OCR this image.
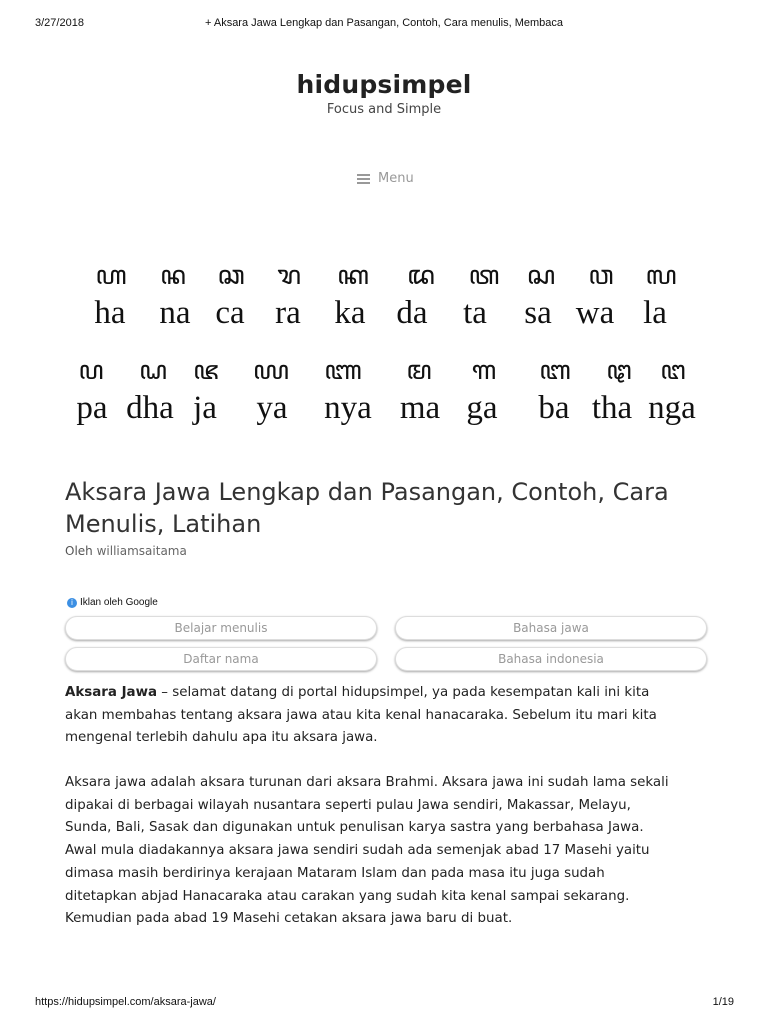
3/27/2018	+ Aksara Jawa Lengkap dan Pasangan, Contoh, Cara menulis, Membaca
hidupsimpel
Focus and Simple
Menu
ꦲ ꦤ ꦕ ꦫ ꦏ ꦢ ꦠ ꦱ ꦮ ꦭ
ha na ca ra ka da ta sa wa la
ꦥ ꦝ ꦗ ꦪ ꦚ ꦩ ꦒ ꦧ ꦛ ꦔ
pa dha ja ya nya ma ga ba tha nga
Aksara Jawa Lengkap dan Pasangan, Contoh, Cara Menulis, Latihan
Oleh williamsaitama
i Iklan oleh Google
Belajar menulis	Bahasa jawa
Daftar nama	Bahasa indonesia

Aksara Jawa – selamat datang di portal hidupsimpel, ya pada kesempatan kali ini kita
akan membahas tentang aksara jawa atau kita kenal hanacaraka. Sebelum itu mari kita
mengenal terlebih dahulu apa itu aksara jawa.

Aksara jawa adalah aksara turunan dari aksara Brahmi. Aksara jawa ini sudah lama sekali
dipakai di berbagai wilayah nusantara seperti pulau Jawa sendiri, Makassar, Melayu,
Sunda, Bali, Sasak dan digunakan untuk penulisan karya sastra yang berbahasa Jawa.
Awal mula diadakannya aksara jawa sendiri sudah ada semenjak abad 17 Masehi yaitu
dimasa masih berdirinya kerajaan Mataram Islam dan pada masa itu juga sudah
ditetapkan abjad Hanacaraka atau carakan yang sudah kita kenal sampai sekarang.
Kemudian pada abad 19 Masehi cetakan aksara jawa baru di buat.

https://hidupsimpel.com/aksara-jawa/	1/19
